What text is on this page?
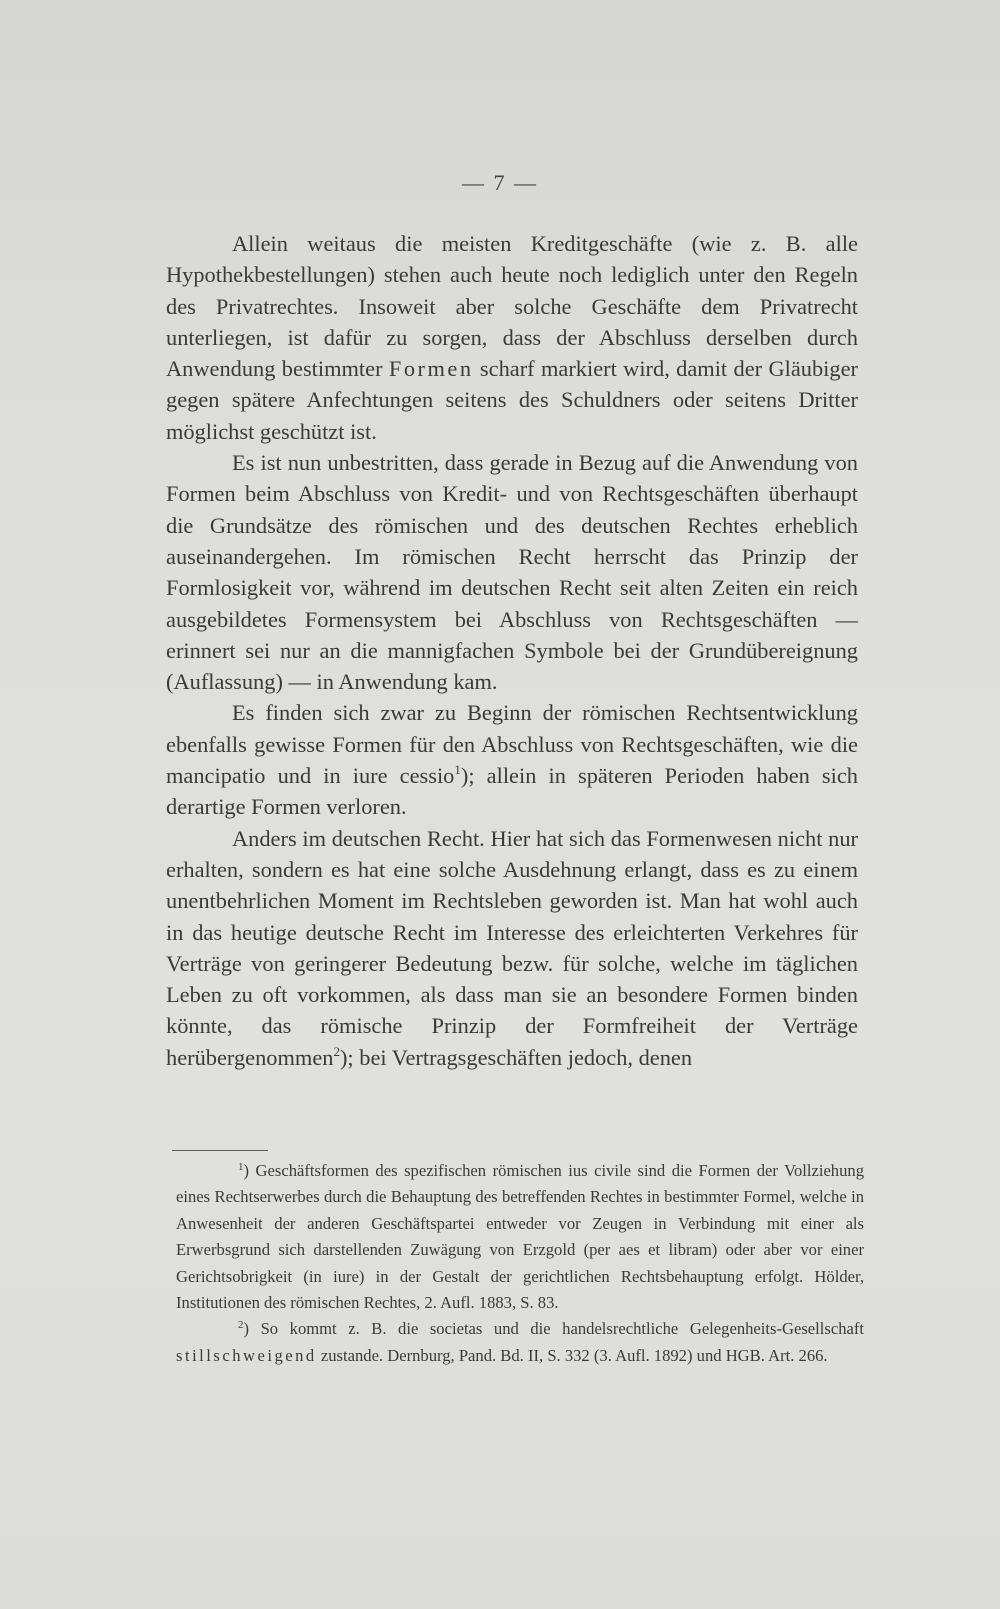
— 7 —

Allein weitaus die meisten Kreditgeschäfte (wie z. B. alle Hypothekbestellungen) stehen auch heute noch lediglich unter den Regeln des Privatrechtes. Insoweit aber solche Geschäfte dem Privatrecht unterliegen, ist dafür zu sorgen, dass der Abschluss derselben durch Anwendung bestimmter Formen scharf markiert wird, damit der Gläubiger gegen spätere Anfechtungen seitens des Schuldners oder seitens Dritter möglichst geschützt ist.

Es ist nun unbestritten, dass gerade in Bezug auf die Anwendung von Formen beim Abschluss von Kredit- und von Rechtsgeschäften überhaupt die Grundsätze des römischen und des deutschen Rechtes erheblich auseinandergehen. Im römischen Recht herrscht das Prinzip der Formlosigkeit vor, während im deutschen Recht seit alten Zeiten ein reich ausgebildetes Formensystem bei Abschluss von Rechtsgeschäften — erinnert sei nur an die mannigfachen Symbole bei der Grundübereignung (Auflassung) — in Anwendung kam.

Es finden sich zwar zu Beginn der römischen Rechtsentwicklung ebenfalls gewisse Formen für den Abschluss von Rechtsgeschäften, wie die mancipatio und in iure cessio$^1$); allein in späteren Perioden haben sich derartige Formen verloren.

Anders im deutschen Recht. Hier hat sich das Formenwesen nicht nur erhalten, sondern es hat eine solche Ausdehnung erlangt, dass es zu einem unentbehrlichen Moment im Rechtsleben geworden ist. Man hat wohl auch in das heutige deutsche Recht im Interesse des erleichterten Verkehres für Verträge von geringerer Bedeutung bezw. für solche, welche im täglichen Leben zu oft vorkommen, als dass man sie an besondere Formen binden könnte, das römische Prinzip der Formfreiheit der Verträge herübergenommen$^2$); bei Vertragsgeschäften jedoch, denen

$^1$) Geschäftsformen des spezifischen römischen ius civile sind die Formen der Vollziehung eines Rechtserwerbes durch die Behauptung des betreffenden Rechtes in bestimmter Formel, welche in Anwesenheit der anderen Geschäftspartei entweder vor Zeugen in Verbindung mit einer als Erwerbsgrund sich darstellenden Zuwägung von Erzgold (per aes et libram) oder aber vor einer Gerichtsobrigkeit (in iure) in der Gestalt der gerichtlichen Rechtsbehauptung erfolgt. Hölder, Institutionen des römischen Rechtes, 2. Aufl. 1883, S. 83.

$^2$) So kommt z. B. die societas und die handelsrechtliche Gelegenheits-Gesellschaft stillschweigend zustande. Dernburg, Pand. Bd. II, S. 332 (3. Aufl. 1892) und HGB. Art. 266.
